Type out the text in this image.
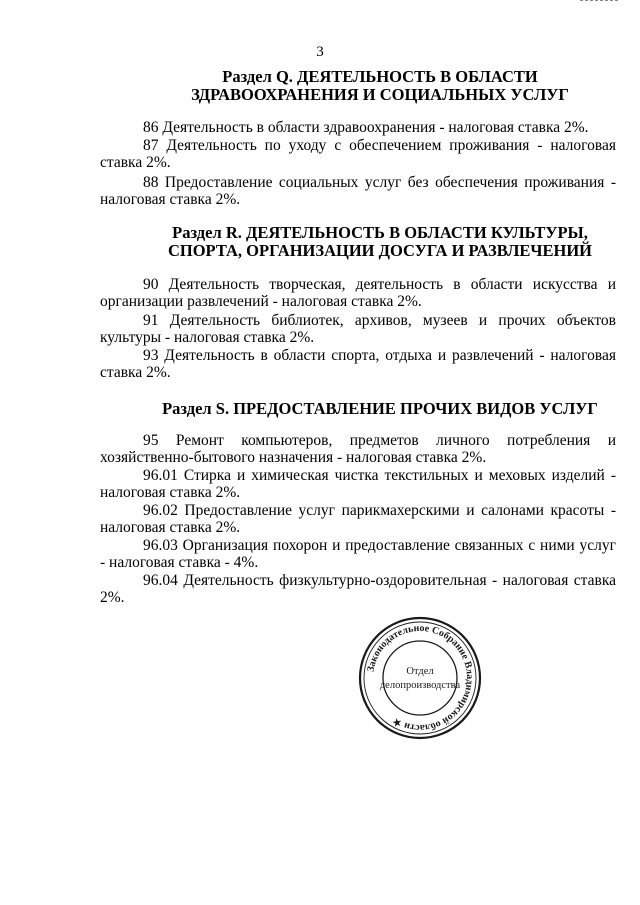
3
Раздел Q. ДЕЯТЕЛЬНОСТЬ В ОБЛАСТИ
ЗДРАВООХРАНЕНИЯ И СОЦИАЛЬНЫХ УСЛУГ
86 Деятельность в области здравоохранения - налоговая ставка 2%.
87 Деятельность по уходу с обеспечением проживания - налоговая ставка 2%.
88 Предоставление социальных услуг без обеспечения проживания - налоговая ставка 2%.
Раздел R. ДЕЯТЕЛЬНОСТЬ В ОБЛАСТИ КУЛЬТУРЫ,
СПОРТА, ОРГАНИЗАЦИИ ДОСУГА И РАЗВЛЕЧЕНИЙ
90 Деятельность творческая, деятельность в области искусства и организации развлечений - налоговая ставка 2%.
91 Деятельность библиотек, архивов, музеев и прочих объектов культуры - налоговая ставка 2%.
93 Деятельность в области спорта, отдыха и развлечений - налоговая ставка 2%.
Раздел S. ПРЕДОСТАВЛЕНИЕ ПРОЧИХ ВИДОВ УСЛУГ
95 Ремонт компьютеров, предметов личного потребления и хозяйственно-бытового назначения - налоговая ставка 2%.
96.01 Стирка и химическая чистка текстильных и меховых изделий - налоговая ставка 2%.
96.02 Предоставление услуг парикмахерскими и салонами красоты - налоговая ставка 2%.
96.03 Организация похорон и предоставление связанных с ними услуг - налоговая ставка - 4%.
96.04 Деятельность физкультурно-оздоровительная - налоговая ставка 2%.
Законодательное Собрание Владимирской области ★
Отдел
делопроизводства
